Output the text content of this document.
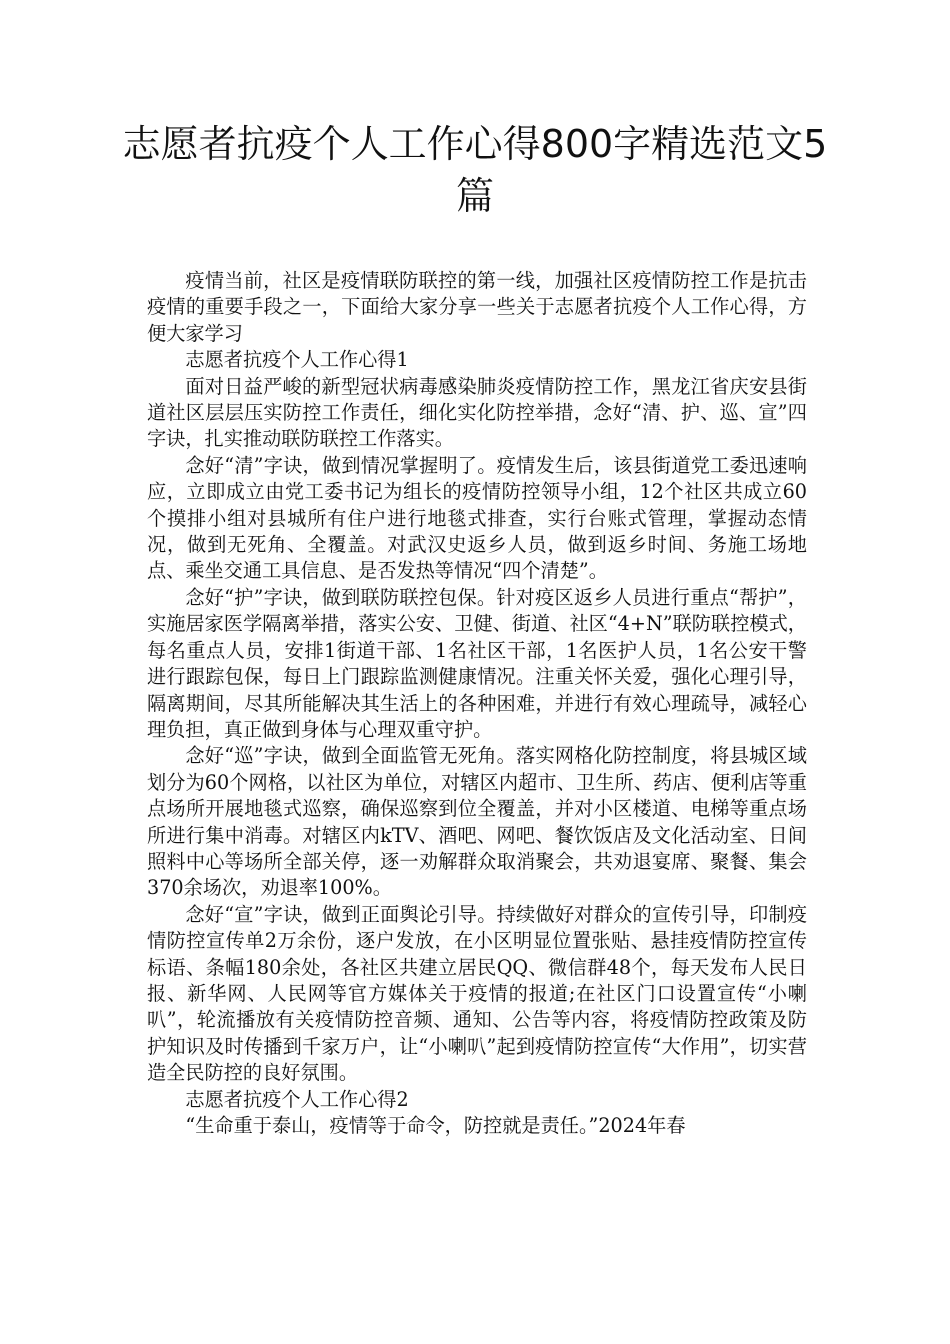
志愿者抗疫个人工作心得800字精选范文5篇

疫情当前，社区是疫情联防联控的第一线，加强社区疫情防控工作是抗击疫情的重要手段之一，下面给大家分享一些关于志愿者抗疫个人工作心得，方便大家学习

志愿者抗疫个人工作心得1

面对日益严峻的新型冠状病毒感染肺炎疫情防控工作，黑龙江省庆安县街道社区层层压实防控工作责任，细化实化防控举措，念好“清、护、巡、宣”四字诀，扎实推动联防联控工作落实。

念好“清”字诀，做到情况掌握明了。疫情发生后，该县街道党工委迅速响应，立即成立由党工委书记为组长的疫情防控领导小组，12个社区共成立60个摸排小组对县城所有住户进行地毯式排查，实行台账式管理，掌握动态情况，做到无死角、全覆盖。对武汉史返乡人员，做到返乡时间、务施工场地点、乘坐交通工具信息、是否发热等情况“四个清楚”。

念好“护”字诀，做到联防联控包保。针对疫区返乡人员进行重点“帮护”，实施居家医学隔离举措，落实公安、卫健、街道、社区“4+N”联防联控模式，每名重点人员，安排1街道干部、1名社区干部，1名医护人员，1名公安干警进行跟踪包保，每日上门跟踪监测健康情况。注重关怀关爱，强化心理引导，隔离期间，尽其所能解决其生活上的各种困难，并进行有效心理疏导，减轻心理负担，真正做到身体与心理双重守护。

念好“巡”字诀，做到全面监管无死角。落实网格化防控制度，将县城区域划分为60个网格，以社区为单位，对辖区内超市、卫生所、药店、便利店等重点场所开展地毯式巡察，确保巡察到位全覆盖，并对小区楼道、电梯等重点场所进行集中消毒。对辖区内kTV、酒吧、网吧、餐饮饭店及文化活动室、日间照料中心等场所全部关停，逐一劝解群众取消聚会，共劝退宴席、聚餐、集会370余场次，劝退率100%。

念好“宣”字诀，做到正面舆论引导。持续做好对群众的宣传引导，印制疫情防控宣传单2万余份，逐户发放，在小区明显位置张贴、悬挂疫情防控宣传标语、条幅180余处，各社区共建立居民QQ、微信群48个，每天发布人民日报、新华网、人民网等官方媒体关于疫情的报道;在社区门口设置宣传“小喇叭”，轮流播放有关疫情防控音频、通知、公告等内容，将疫情防控政策及防护知识及时传播到千家万户，让“小喇叭”起到疫情防控宣传“大作用”，切实营造全民防控的良好氛围。

志愿者抗疫个人工作心得2

“生命重于泰山，疫情等于命令，防控就是责任。”2024年春
